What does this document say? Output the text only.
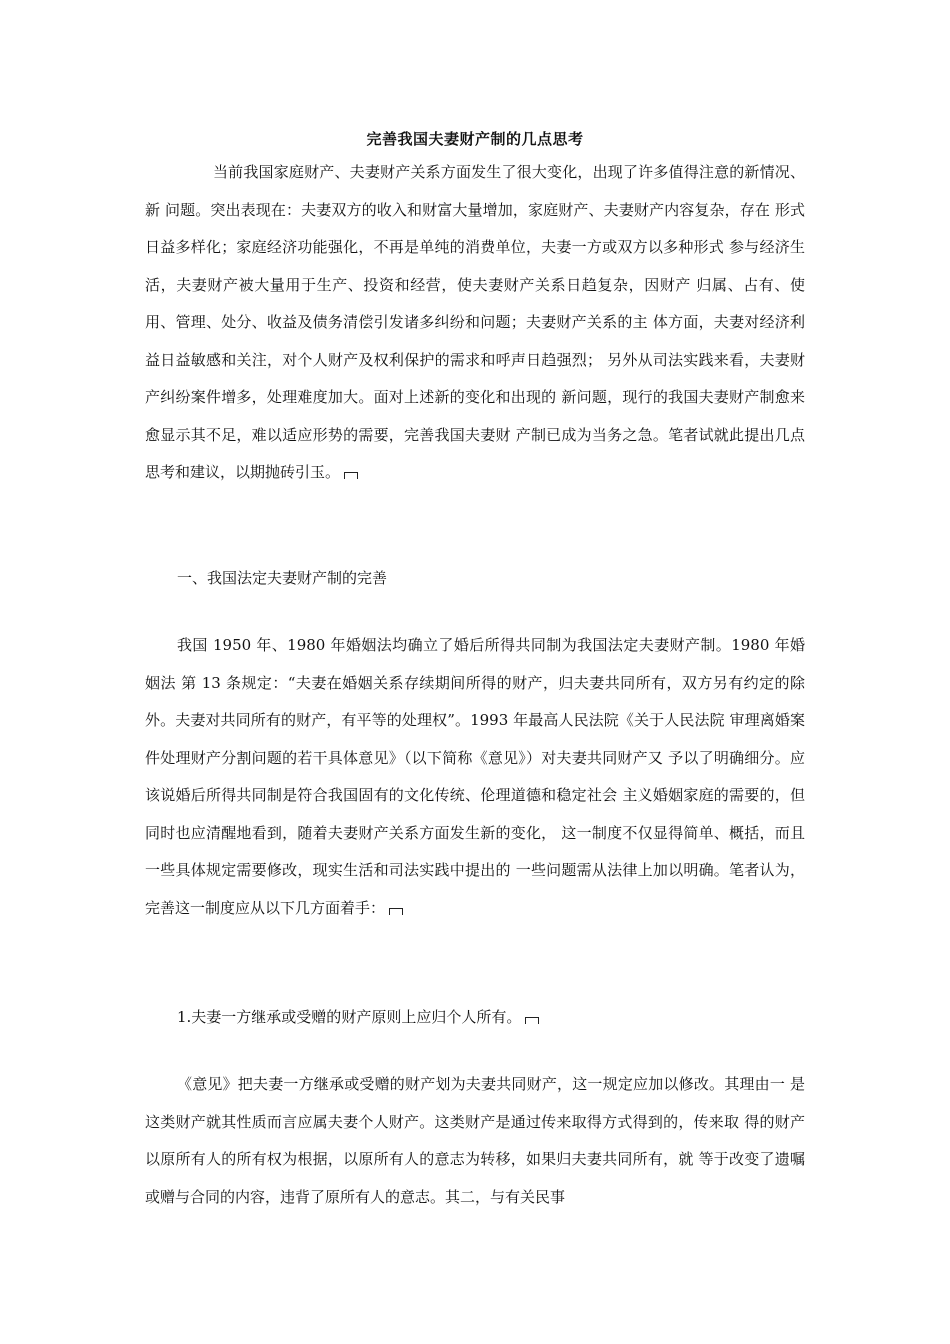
完善我国夫妻财产制的几点思考

当前我国家庭财产、夫妻财产关系方面发生了很大变化，出现了许多值得注意的新情况、新 问题。突出表现在：夫妻双方的收入和财富大量增加，家庭财产、夫妻财产内容复杂，存在 形式日益多样化；家庭经济功能强化，不再是单纯的消费单位，夫妻一方或双方以多种形式 参与经济生活，夫妻财产被大量用于生产、投资和经营，使夫妻财产关系日趋复杂，因财产 归属、占有、使用、管理、处分、收益及债务清偿引发诸多纠纷和问题；夫妻财产关系的主 体方面，夫妻对经济利益日益敏感和关注，对个人财产及权利保护的需求和呼声日趋强烈； 另外从司法实践来看，夫妻财产纠纷案件增多，处理难度加大。面对上述新的变化和出现的 新问题，现行的我国夫妻财产制愈来愈显示其不足，难以适应形势的需要，完善我国夫妻财 产制已成为当务之急。笔者试就此提出几点思考和建议，以期抛砖引玉。

一、我国法定夫妻财产制的完善

我国 1950 年、1980 年婚姻法均确立了婚后所得共同制为我国法定夫妻财产制。1980 年婚姻法 第 13 条规定：“夫妻在婚姻关系存续期间所得的财产，归夫妻共同所有，双方另有约定的除 外。夫妻对共同所有的财产，有平等的处理权”。1993 年最高人民法院《关于人民法院 审理离婚案件处理财产分割问题的若干具体意见》（以下简称《意见》）对夫妻共同财产又 予以了明确细分。应该说婚后所得共同制是符合我国固有的文化传统、伦理道德和稳定社会 主义婚姻家庭的需要的，但同时也应清醒地看到，随着夫妻财产关系方面发生新的变化， 这一制度不仅显得简单、概括，而且一些具体规定需要修改，现实生活和司法实践中提出的 一些问题需从法律上加以明确。笔者认为，完善这一制度应从以下几方面着手：

1.夫妻一方继承或受赠的财产原则上应归个人所有。

《意见》把夫妻一方继承或受赠的财产划为夫妻共同财产，这一规定应加以修改。其理由一 是这类财产就其性质而言应属夫妻个人财产。这类财产是通过传来取得方式得到的，传来取 得的财产以原所有人的所有权为根据，以原所有人的意志为转移，如果归夫妻共同所有，就 等于改变了遗嘱或赠与合同的内容，违背了原所有人的意志。其二，与有关民事
